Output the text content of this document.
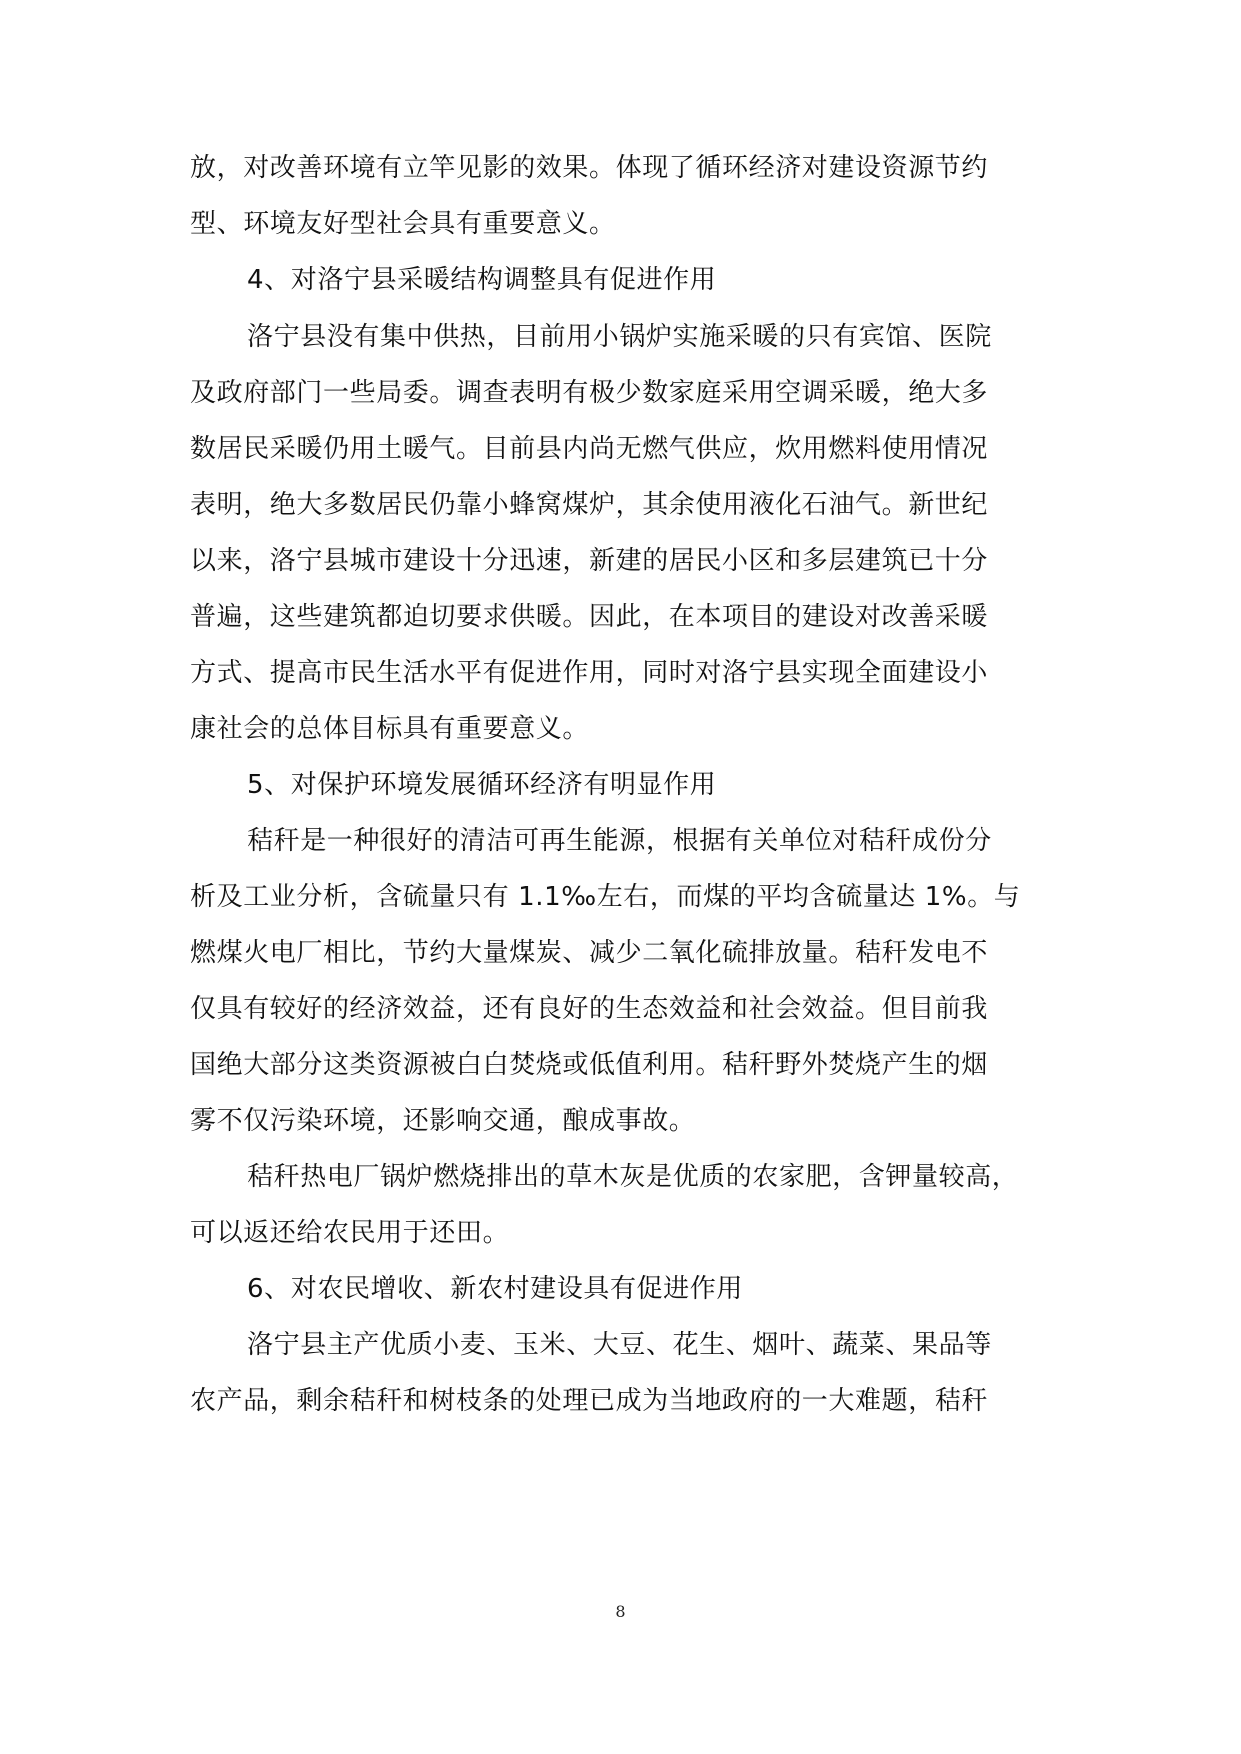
放，对改善环境有立竿见影的效果。体现了循环经济对建设资源节约
型、环境友好型社会具有重要意义。
4、对洛宁县采暖结构调整具有促进作用
洛宁县没有集中供热，目前用小锅炉实施采暖的只有宾馆、医院
及政府部门一些局委。调查表明有极少数家庭采用空调采暖，绝大多
数居民采暖仍用土暖气。目前县内尚无燃气供应，炊用燃料使用情况
表明，绝大多数居民仍靠小蜂窝煤炉，其余使用液化石油气。新世纪
以来，洛宁县城市建设十分迅速，新建的居民小区和多层建筑已十分
普遍，这些建筑都迫切要求供暖。因此，在本项目的建设对改善采暖
方式、提高市民生活水平有促进作用，同时对洛宁县实现全面建设小
康社会的总体目标具有重要意义。
5、对保护环境发展循环经济有明显作用
秸秆是一种很好的清洁可再生能源，根据有关单位对秸秆成份分
析及工业分析，含硫量只有 1.1‰左右，而煤的平均含硫量达 1%。与
燃煤火电厂相比，节约大量煤炭、减少二氧化硫排放量。秸秆发电不
仅具有较好的经济效益，还有良好的生态效益和社会效益。但目前我
国绝大部分这类资源被白白焚烧或低值利用。秸秆野外焚烧产生的烟
雾不仅污染环境，还影响交通，酿成事故。
秸秆热电厂锅炉燃烧排出的草木灰是优质的农家肥，含钾量较高，
可以返还给农民用于还田。
6、对农民增收、新农村建设具有促进作用
洛宁县主产优质小麦、玉米、大豆、花生、烟叶、蔬菜、果品等
农产品，剩余秸秆和树枝条的处理已成为当地政府的一大难题，秸秆
8
